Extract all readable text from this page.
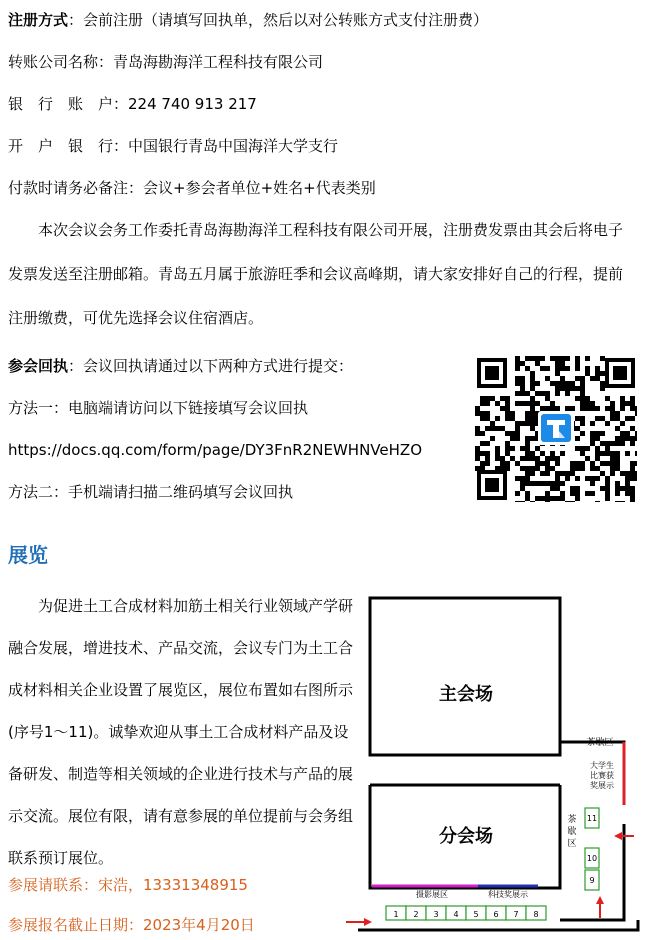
注册方式：会前注册（请填写回执单，然后以对公转账方式支付注册费）
转账公司名称：青岛海勘海洋工程科技有限公司
银　行　账　户：224 740 913 217
开　户　银　行：中国银行青岛中国海洋大学支行
付款时请务必备注：会议+参会者单位+姓名+代表类别
本次会议会务工作委托青岛海勘海洋工程科技有限公司开展，注册费发票由其会后将电子发票发送至注册邮箱。青岛五月属于旅游旺季和会议高峰期，请大家安排好自己的行程，提前注册缴费，可优先选择会议住宿酒店。
参会回执：会议回执请通过以下两种方式进行提交：
方法一：电脑端请访问以下链接填写会议回执
https://docs.qq.com/form/page/DY3FnR2NEWHNVeHZO
方法二：手机端请扫描二维码填写会议回执
展览
为促进土工合成材料加筋土相关行业领域产学研融合发展，增进技术、产品交流，会议专门为土工合成材料相关企业设置了展览区，展位布置如右图所示(序号1～11)。诚挚欢迎从事土工合成材料产品及设备研发、制造等相关领域的企业进行技术与产品的展示交流。展位有限，请有意参展的单位提前与会务组联系预订展位。
参展请联系：宋浩，13331348915
参展报名截止日期：2023年4月20日
1 2 3 4 5 6 7 8
11
10
9
主会场
分会场
茶歇区
茶
歇
区
大学生
比赛获
奖展示
摄影展区	科技奖展示
